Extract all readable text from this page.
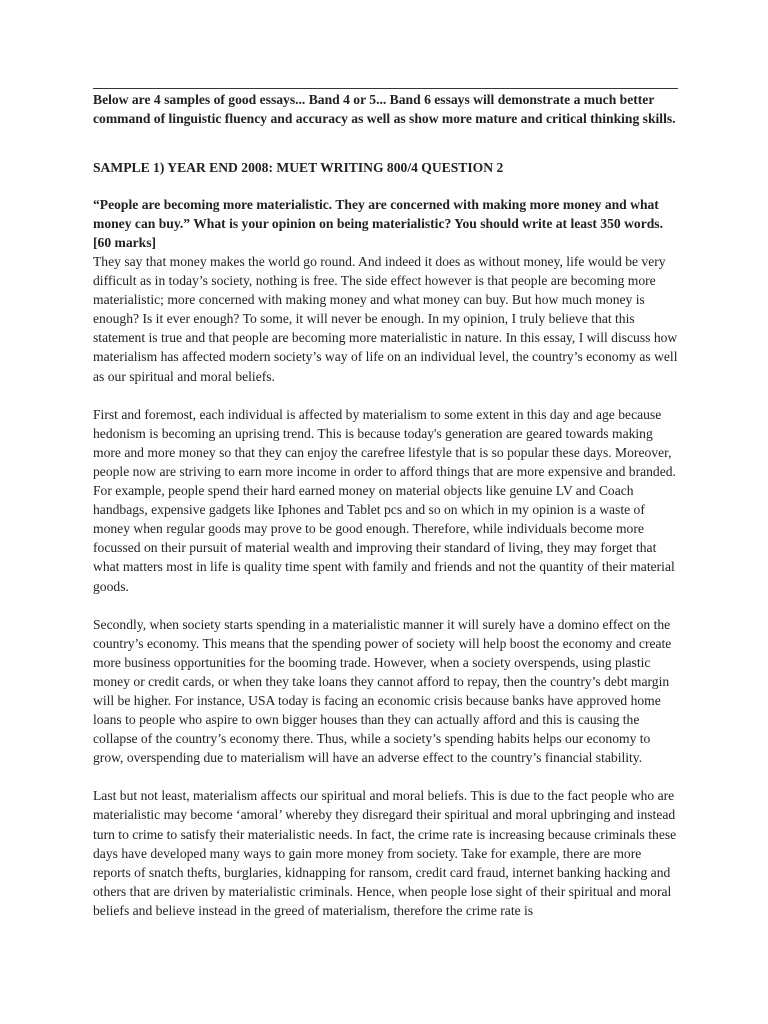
Below are 4 samples of good essays... Band 4 or 5... Band 6 essays will demonstrate a much better command of linguistic fluency and accuracy as well as show more mature and critical thinking skills.

SAMPLE 1) YEAR END 2008: MUET WRITING 800/4 QUESTION 2

“People are becoming more materialistic. They are concerned with making more money and what money can buy.” What is your opinion on being materialistic? You should write at least 350 words. [60 marks]

They say that money makes the world go round. And indeed it does as without money, life would be very difficult as in today’s society, nothing is free. The side effect however is that people are becoming more materialistic; more concerned with making money and what money can buy. But how much money is enough? Is it ever enough? To some, it will never be enough. In my opinion, I truly believe that this statement is true and that people are becoming more materialistic in nature. In this essay, I will discuss how materialism has affected modern society’s way of life on an individual level, the country’s economy as well as our spiritual and moral beliefs.

First and foremost, each individual is affected by materialism to some extent in this day and age because hedonism is becoming an uprising trend. This is because today's generation are geared towards making more and more money so that they can enjoy the carefree lifestyle that is so popular these days. Moreover, people now are striving to earn more income in order to afford things that are more expensive and branded. For example, people spend their hard earned money on material objects like genuine LV and Coach handbags, expensive gadgets like Iphones and Tablet pcs and so on which in my opinion is a waste of money when regular goods may prove to be good enough. Therefore, while individuals become more focussed on their pursuit of material wealth and improving their standard of living, they may forget that what matters most in life is quality time spent with family and friends and not the quantity of their material goods.

Secondly, when society starts spending in a materialistic manner it will surely have a domino effect on the country’s economy. This means that the spending power of society will help boost the economy and create more business opportunities for the booming trade. However, when a society overspends, using plastic money or credit cards, or when they take loans they cannot afford to repay, then the country’s debt margin will be higher. For instance, USA today is facing an economic crisis because banks have approved home loans to people who aspire to own bigger houses than they can actually afford and this is causing the collapse of the country’s economy there. Thus, while a society’s spending habits helps our economy to grow, overspending due to materialism will have an adverse effect to the country’s financial stability.

Last but not least, materialism affects our spiritual and moral beliefs. This is due to the fact people who are materialistic may become ‘amoral’ whereby they disregard their spiritual and moral upbringing and instead turn to crime to satisfy their materialistic needs. In fact, the crime rate is increasing because criminals these days have developed many ways to gain more money from society. Take for example, there are more reports of snatch thefts, burglaries, kidnapping for ransom, credit card fraud, internet banking hacking and others that are driven by materialistic criminals. Hence, when people lose sight of their spiritual and moral beliefs and believe instead in the greed of materialism, therefore the crime rate is
